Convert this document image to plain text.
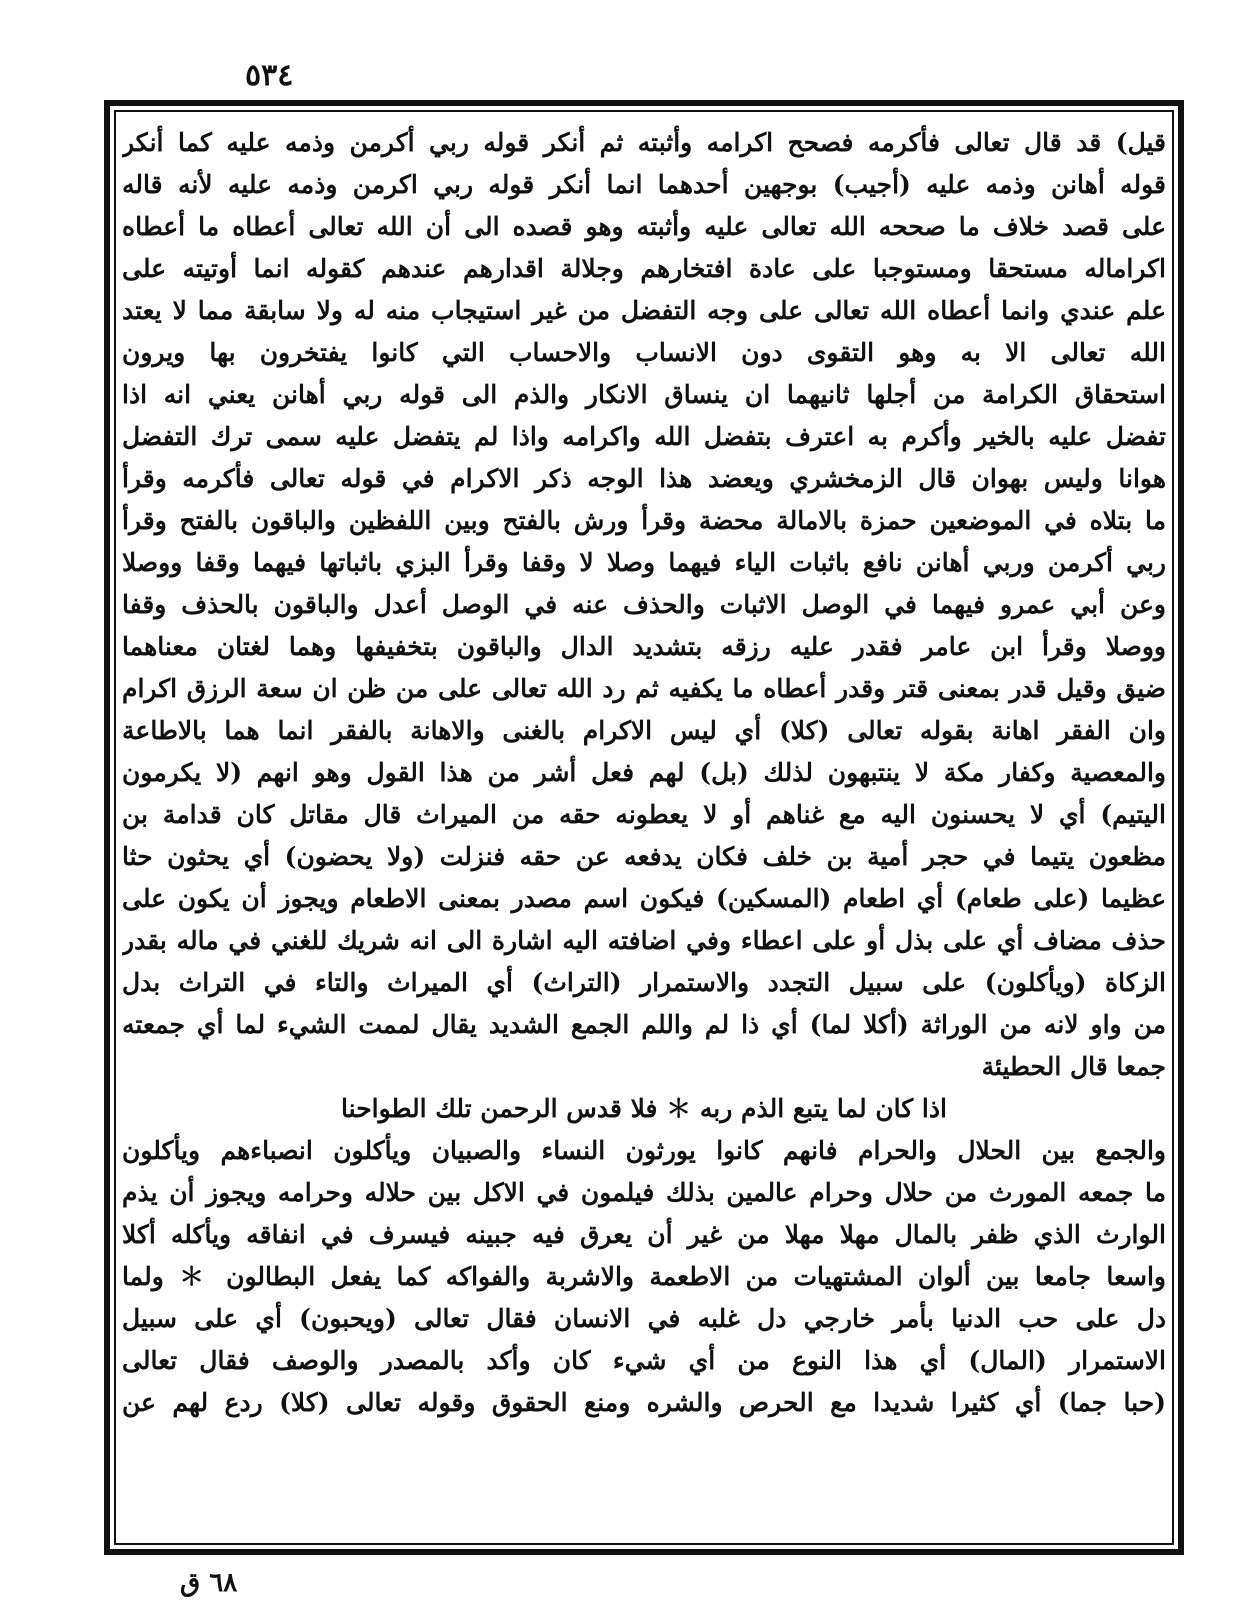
٥٣٤
قيل) قد قال تعالى فأكرمه فصحح اكرامه وأثبته ثم أنكر قوله ربي أكرمن وذمه عليه كما أنكر
قوله أهانن وذمه عليه (أجيب) بوجهين أحدهما انما أنكر قوله ربي اكرمن وذمه عليه لأنه قاله
على قصد خلاف ما صححه الله تعالى عليه وأثبته وهو قصده الى أن الله تعالى أعطاه ما أعطاه
اكراماله مستحقا ومستوجبا على عادة افتخارهم وجلالة اقدارهم عندهم كقوله انما أوتيته على
علم عندي وانما أعطاه الله تعالى على وجه التفضل من غير استيجاب منه له ولا سابقة مما لا يعتد
الله تعالى الا به وهو التقوى دون الانساب والاحساب التي كانوا يفتخرون بها ويرون
استحقاق الكرامة من أجلها ثانيهما ان ينساق الانكار والذم الى قوله ربي أهانن يعني انه اذا
تفضل عليه بالخير وأكرم به اعترف بتفضل الله واكرامه واذا لم يتفضل عليه سمى ترك التفضل
هوانا وليس بهوان قال الزمخشري ويعضد هذا الوجه ذكر الاكرام في قوله تعالى فأكرمه وقرأ
ما بتلاه في الموضعين حمزة بالامالة محضة وقرأ ورش بالفتح وبين اللفظين والباقون بالفتح وقرأ
ربي أكرمن وربي أهانن نافع باثبات الياء فيهما وصلا لا وقفا وقرأ البزي باثباتها فيهما وقفا ووصلا
وعن أبي عمرو فيهما في الوصل الاثبات والحذف عنه في الوصل أعدل والباقون بالحذف وقفا
ووصلا وقرأ ابن عامر فقدر عليه رزقه بتشديد الدال والباقون بتخفيفها وهما لغتان معناهما
ضيق وقيل قدر بمعنى قتر وقدر أعطاه ما يكفيه ثم رد الله تعالى على من ظن ان سعة الرزق اكرام
وان الفقر اهانة بقوله تعالى (كلا) أي ليس الاكرام بالغنى والاهانة بالفقر انما هما بالاطاعة
والمعصية وكفار مكة لا ينتبهون لذلك (بل) لهم فعل أشر من هذا القول وهو انهم (لا يكرمون
اليتيم) أي لا يحسنون اليه مع غناهم أو لا يعطونه حقه من الميراث قال مقاتل كان قدامة بن
مظعون يتيما في حجر أمية بن خلف فكان يدفعه عن حقه فنزلت (ولا يحضون) أي يحثون حثا
عظيما (على طعام) أي اطعام (المسكين) فيكون اسم مصدر بمعنى الاطعام ويجوز أن يكون على
حذف مضاف أي على بذل أو على اعطاء وفي اضافته اليه اشارة الى انه شريك للغني في ماله بقدر
الزكاة (ويأكلون) على سبيل التجدد والاستمرار (التراث) أي الميراث والتاء في التراث بدل
من واو لانه من الوراثة (أكلا لما) أي ذا لم واللم الجمع الشديد يقال لممت الشيء لما أي جمعته
جمعا قال الحطيئة
اذا كان لما يتبع الذم ربه ＊ فلا قدس الرحمن تلك الطواحنا
والجمع بين الحلال والحرام فانهم كانوا يورثون النساء والصبيان ويأكلون انصباءهم ويأكلون
ما جمعه المورث من حلال وحرام عالمين بذلك فيلمون في الاكل بين حلاله وحرامه ويجوز أن يذم
الوارث الذي ظفر بالمال مهلا مهلا من غير أن يعرق فيه جبينه فيسرف في انفاقه ويأكله أكلا
واسعا جامعا بين ألوان المشتهيات من الاطعمة والاشربة والفواكه كما يفعل البطالون ＊ ولما
دل على حب الدنيا بأمر خارجي دل غلبه في الانسان فقال تعالى (ويحبون) أي على سبيل
الاستمرار (المال) أي هذا النوع من أي شيء كان وأكد بالمصدر والوصف فقال تعالى
(حبا جما) أي كثيرا شديدا مع الحرص والشره ومنع الحقوق وقوله تعالى (كلا) ردع لهم عن
٦٨ ق
